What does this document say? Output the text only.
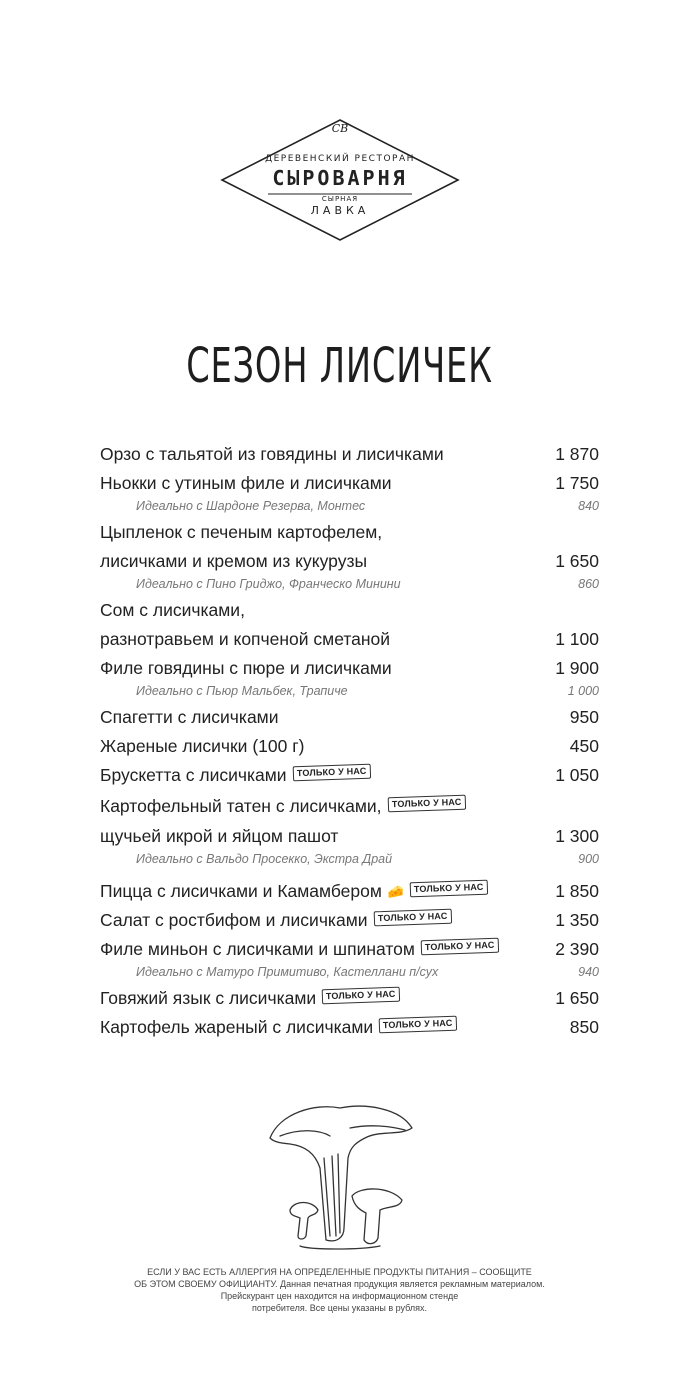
СВ
ДЕРЕВЕНСКИЙ РЕСТОРАН
СЫРОВАРНЯ
СЫРНАЯ
ЛАВКА
СЕЗОН ЛИСИЧЕК
Орзо с тальятой из говядины и лисичками	1 870
Ньокки с утиным филе и лисичками	1 750
Идеально с Шардоне Резерва, Монтес	840
Цыпленок с печеным картофелем,
лисичками и кремом из кукурузы	1 650
Идеально с Пино Гриджо, Франческо Минини	860
Сом с лисичками,
разнотравьем и копченой сметаной	1 100
Филе говядины с пюре и лисичками	1 900
Идеально с Пьюр Мальбек, Трапиче	1 000
Спагетти с лисичками	950
Жареные лисички (100 г)	450
Брускетта с лисичками	ТОЛЬКО У НАС	1 050
Картофельный татен с лисичками,	ТОЛЬКО У НАС
щучьей икрой и яйцом пашот	1 300
Идеально с Вальдо Просекко, Экстра Драй	900
Пицца с лисичками и Камамбером 🧀	ТОЛЬКО У НАС	1 850
Салат с ростбифом и лисичками	ТОЛЬКО У НАС	1 350
Филе миньон с лисичками и шпинатом	ТОЛЬКО У НАС	2 390
Идеально с Матуро Примитиво, Кастеллани п/сух	940
Говяжий язык с лисичками	ТОЛЬКО У НАС	1 650
Картофель жареный с лисичками	ТОЛЬКО У НАС	850
ЕСЛИ У ВАС ЕСТЬ АЛЛЕРГИЯ НА ОПРЕДЕЛЕННЫЕ ПРОДУКТЫ ПИТАНИЯ – СООБЩИТЕ
ОБ ЭТОМ СВОЕМУ ОФИЦИАНТУ. Данная печатная продукция является рекламным материалом.
Прейскурант цен находится на информационном стенде
потребителя. Все цены указаны в рублях.
